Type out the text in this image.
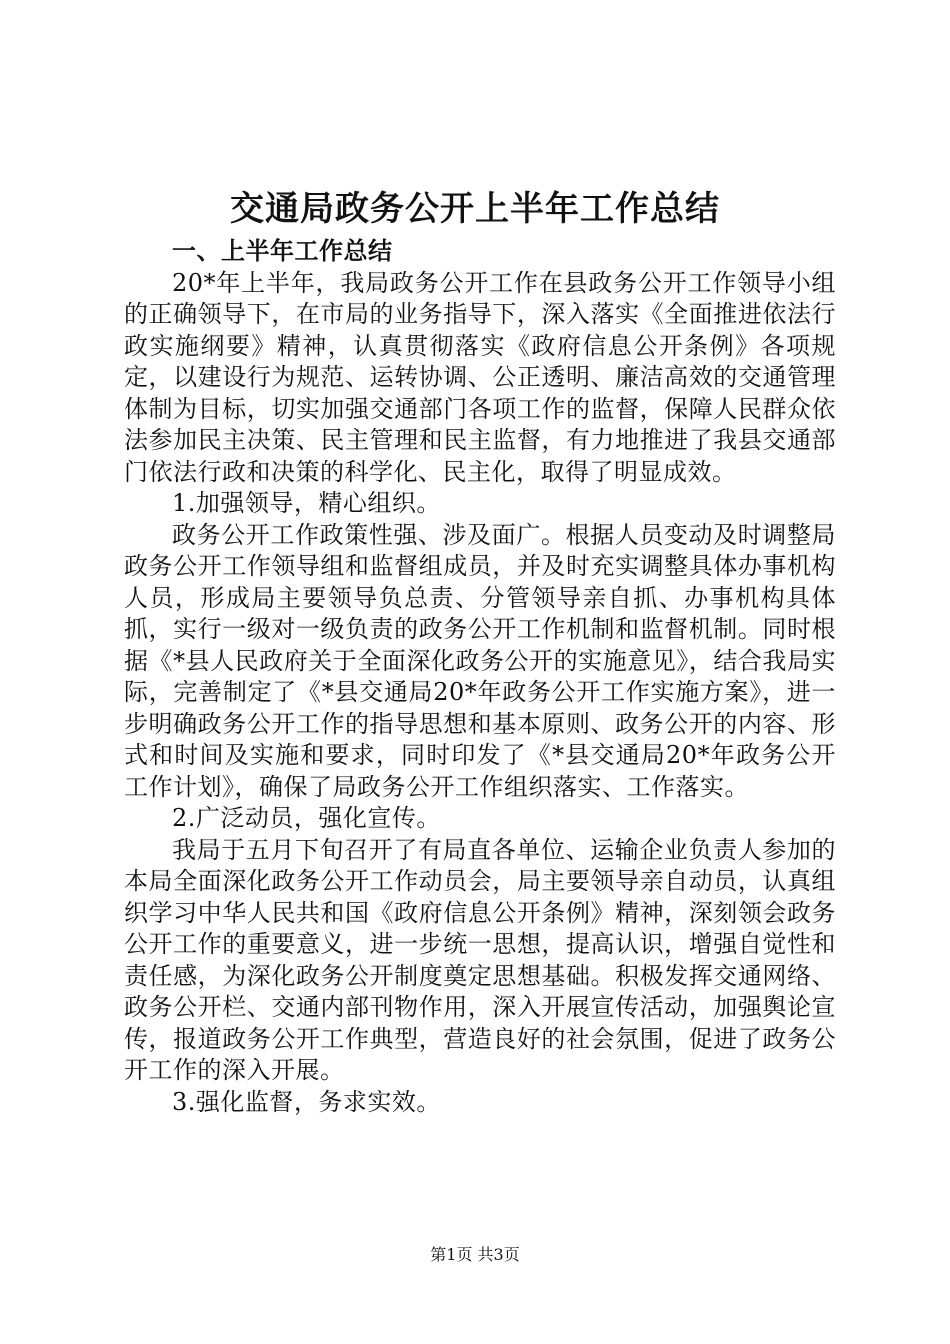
交通局政务公开上半年工作总结

一、上半年工作总结

20*年上半年，我局政务公开工作在县政务公开工作领导小组的正确领导下，在市局的业务指导下，深入落实《全面推进依法行政实施纲要》精神，认真贯彻落实《政府信息公开条例》各项规定，以建设行为规范、运转协调、公正透明、廉洁高效的交通管理体制为目标，切实加强交通部门各项工作的监督，保障人民群众依法参加民主决策、民主管理和民主监督，有力地推进了我县交通部门依法行政和决策的科学化、民主化，取得了明显成效。

1.加强领导，精心组织。

政务公开工作政策性强、涉及面广。根据人员变动及时调整局政务公开工作领导组和监督组成员，并及时充实调整具体办事机构人员，形成局主要领导负总责、分管领导亲自抓、办事机构具体抓，实行一级对一级负责的政务公开工作机制和监督机制。同时根据《*县人民政府关于全面深化政务公开的实施意见》，结合我局实际，完善制定了《*县交通局20*年政务公开工作实施方案》，进一步明确政务公开工作的指导思想和基本原则、政务公开的内容、形式和时间及实施和要求，同时印发了《*县交通局20*年政务公开工作计划》，确保了局政务公开工作组织落实、工作落实。

2.广泛动员，强化宣传。

我局于五月下旬召开了有局直各单位、运输企业负责人参加的本局全面深化政务公开工作动员会，局主要领导亲自动员，认真组织学习中华人民共和国《政府信息公开条例》精神，深刻领会政务公开工作的重要意义，进一步统一思想，提高认识，增强自觉性和责任感，为深化政务公开制度奠定思想基础。积极发挥交通网络、政务公开栏、交通内部刊物作用，深入开展宣传活动，加强舆论宣传，报道政务公开工作典型，营造良好的社会氛围，促进了政务公开工作的深入开展。

3.强化监督，务求实效。

第1页 共3页
